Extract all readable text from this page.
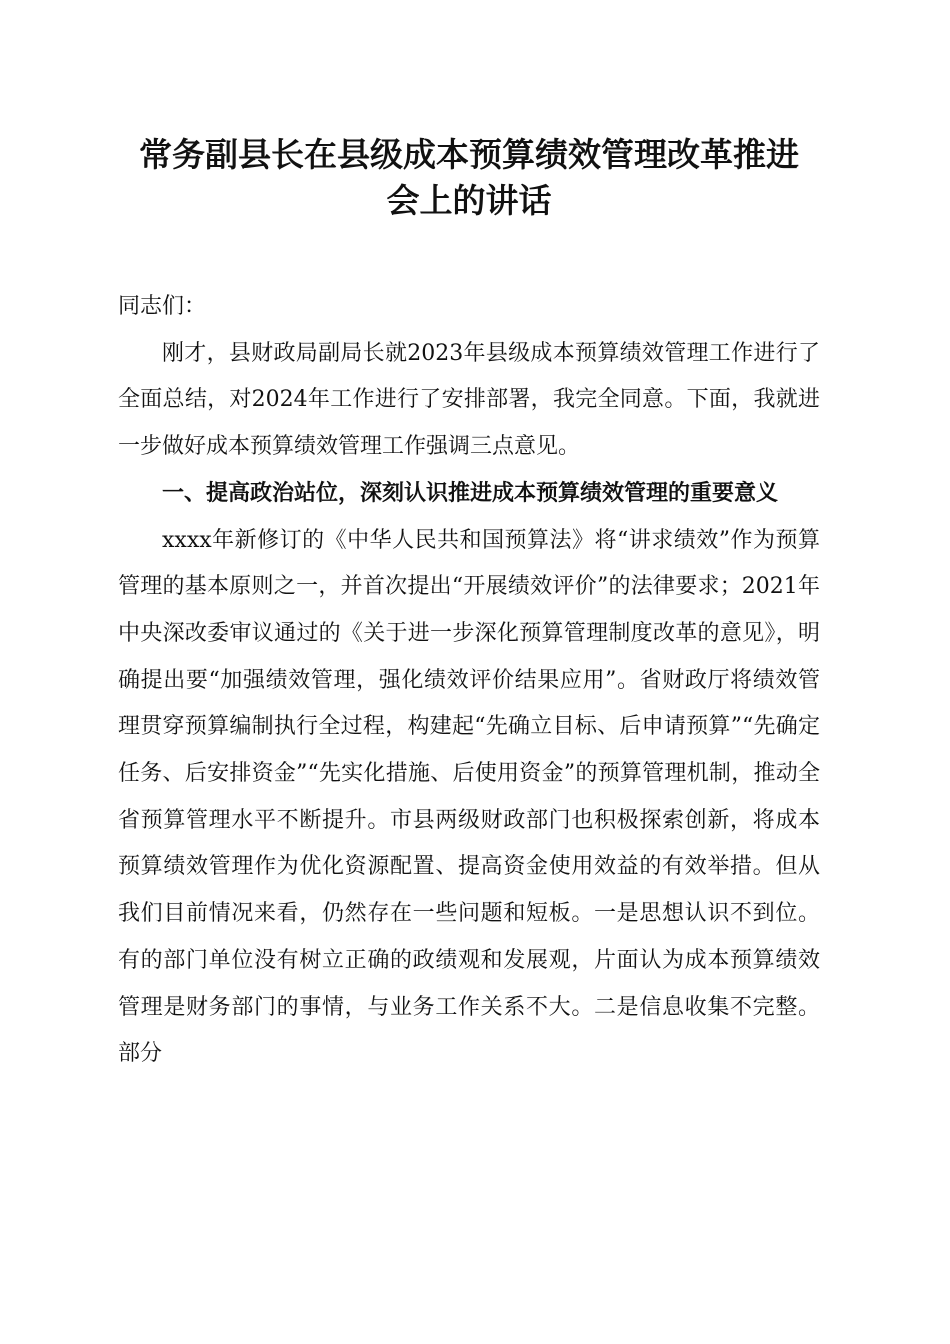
常务副县长在县级成本预算绩效管理改革推进
会上的讲话

同志们：

刚才，县财政局副局长就2023年县级成本预算绩效管理工作进行了全面总结，对2024年工作进行了安排部署，我完全同意。下面，我就进一步做好成本预算绩效管理工作强调三点意见。

一、提高政治站位，深刻认识推进成本预算绩效管理的重要意义

xxxx年新修订的《中华人民共和国预算法》将“讲求绩效”作为预算管理的基本原则之一，并首次提出“开展绩效评价”的法律要求；2021年中央深改委审议通过的《关于进一步深化预算管理制度改革的意见》，明确提出要“加强绩效管理，强化绩效评价结果应用”。省财政厅将绩效管理贯穿预算编制执行全过程，构建起“先确立目标、后申请预算”“先确定任务、后安排资金”“先实化措施、后使用资金”的预算管理机制，推动全省预算管理水平不断提升。市县两级财政部门也积极探索创新，将成本预算绩效管理作为优化资源配置、提高资金使用效益的有效举措。但从我们目前情况来看，仍然存在一些问题和短板。一是思想认识不到位。有的部门单位没有树立正确的政绩观和发展观，片面认为成本预算绩效管理是财务部门的事情，与业务工作关系不大。二是信息收集不完整。部分
